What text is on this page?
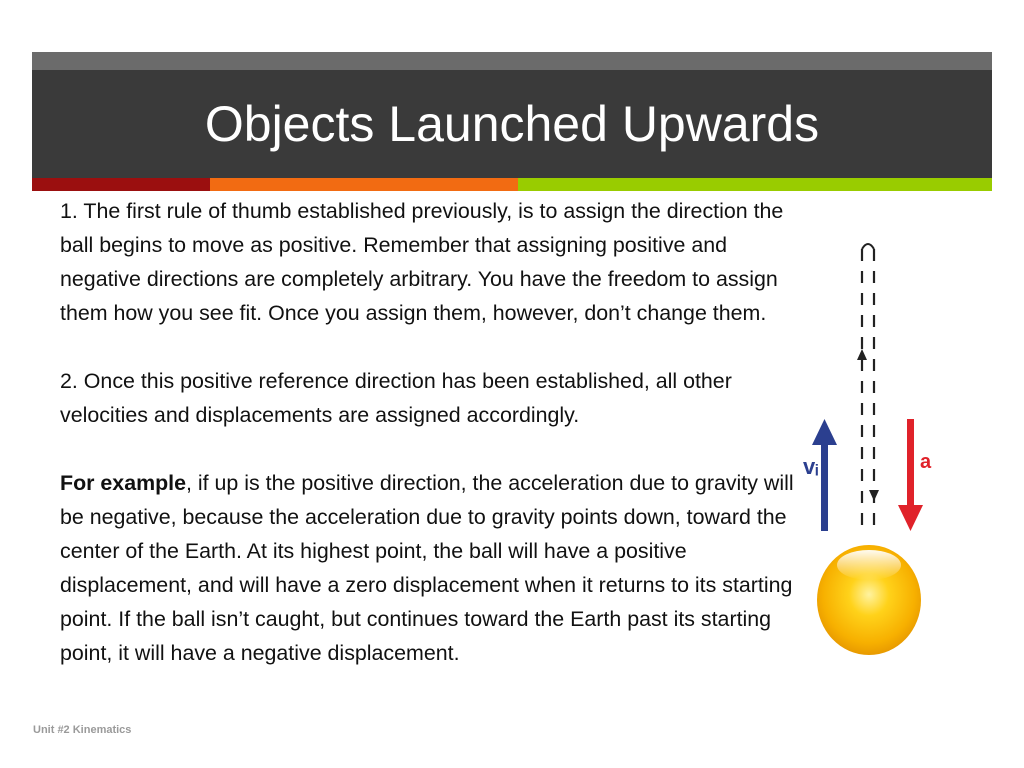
Objects Launched Upwards

1. The first rule of thumb established previously, is to assign the direction the ball begins to move as positive. Remember that assigning positive and negative directions are completely arbitrary. You have the freedom to assign them how you see fit. Once you assign them, however, don’t change them.

2. Once this positive reference direction has been established, all other velocities and displacements are assigned accordingly.

For example, if up is the positive direction, the acceleration due to gravity will be negative, because the acceleration due to gravity points down, toward the center of the Earth. At its highest point, the ball will have a positive displacement, and will have a zero displacement when it returns to its starting point. If the ball isn’t caught, but continues toward the Earth past its starting point, it will have a negative displacement.

Unit #2 Kinematics
vᵢ	a
